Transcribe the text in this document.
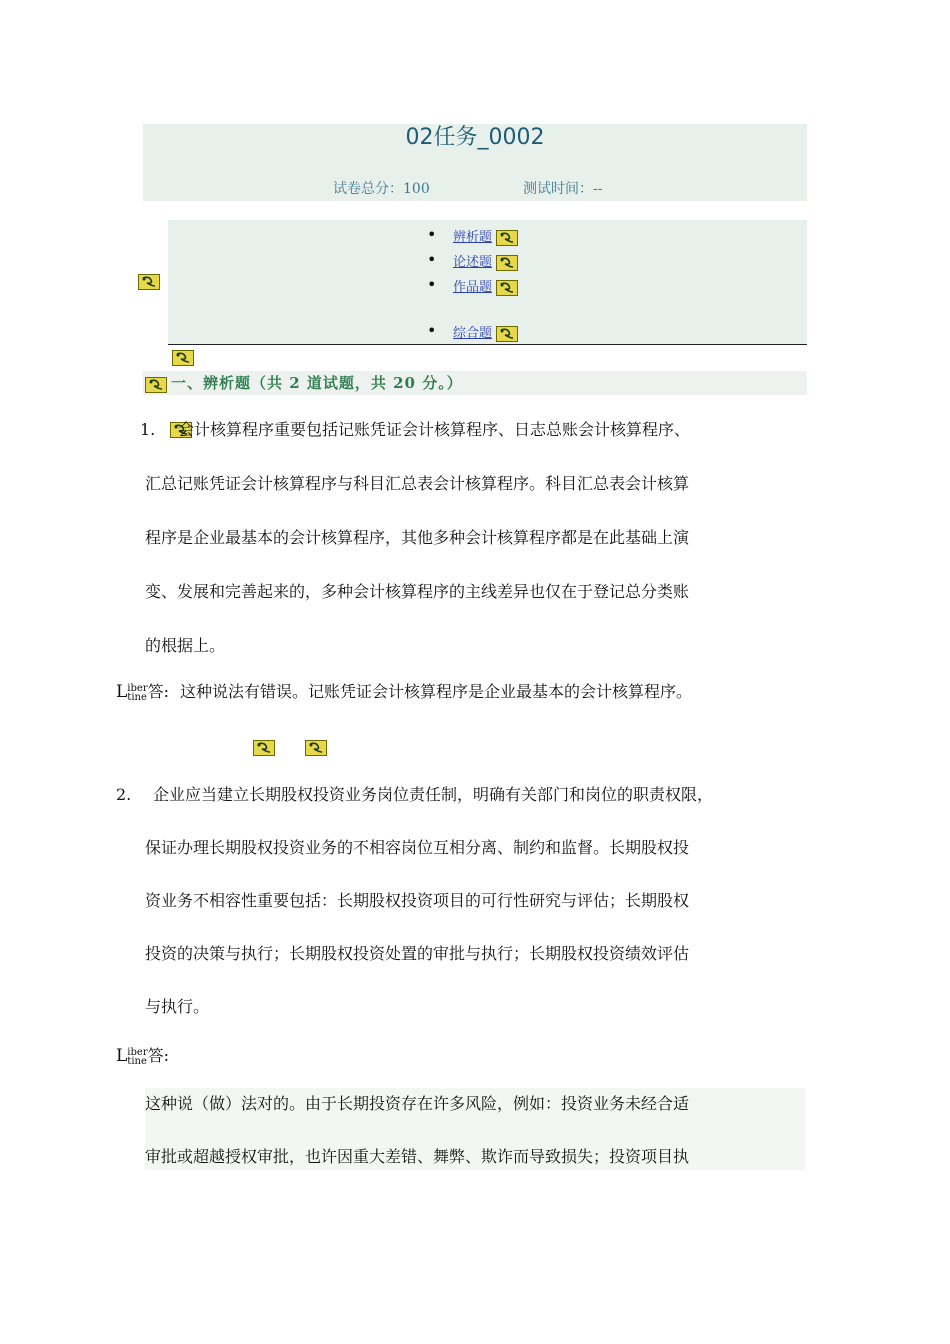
02任务_0002
试卷总分：100	测试时间：--

• 辨析题
• 论述题
• 作品题
• 综合题

一、辨析题（共 2 道试题，共 20 分。）

1. 会计核算程序重要包括记账凭证会计核算程序、日志总账会计核算程序、
汇总记账凭证会计核算程序与科目汇总表会计核算程序。科目汇总表会计核算
程序是企业最基本的会计核算程序，其他多种会计核算程序都是在此基础上演
变、发展和完善起来的，多种会计核算程序的主线差异也仅在于登记总分类账
的根据上。
Liber
tine答: 这种说法有错误。记账凭证会计核算程序是企业最基本的会计核算程序。

2. 企业应当建立长期股权投资业务岗位责任制，明确有关部门和岗位的职责权限，
保证办理长期股权投资业务的不相容岗位互相分离、制约和监督。长期股权投
资业务不相容性重要包括：长期股权投资项目的可行性研究与评估；长期股权
投资的决策与执行；长期股权投资处置的审批与执行；长期股权投资绩效评估
与执行。
Liber
tine答:
这种说（做）法对的。由于长期投资存在许多风险，例如：投资业务未经合适
审批或超越授权审批，也许因重大差错、舞弊、欺诈而导致损失；投资项目执
